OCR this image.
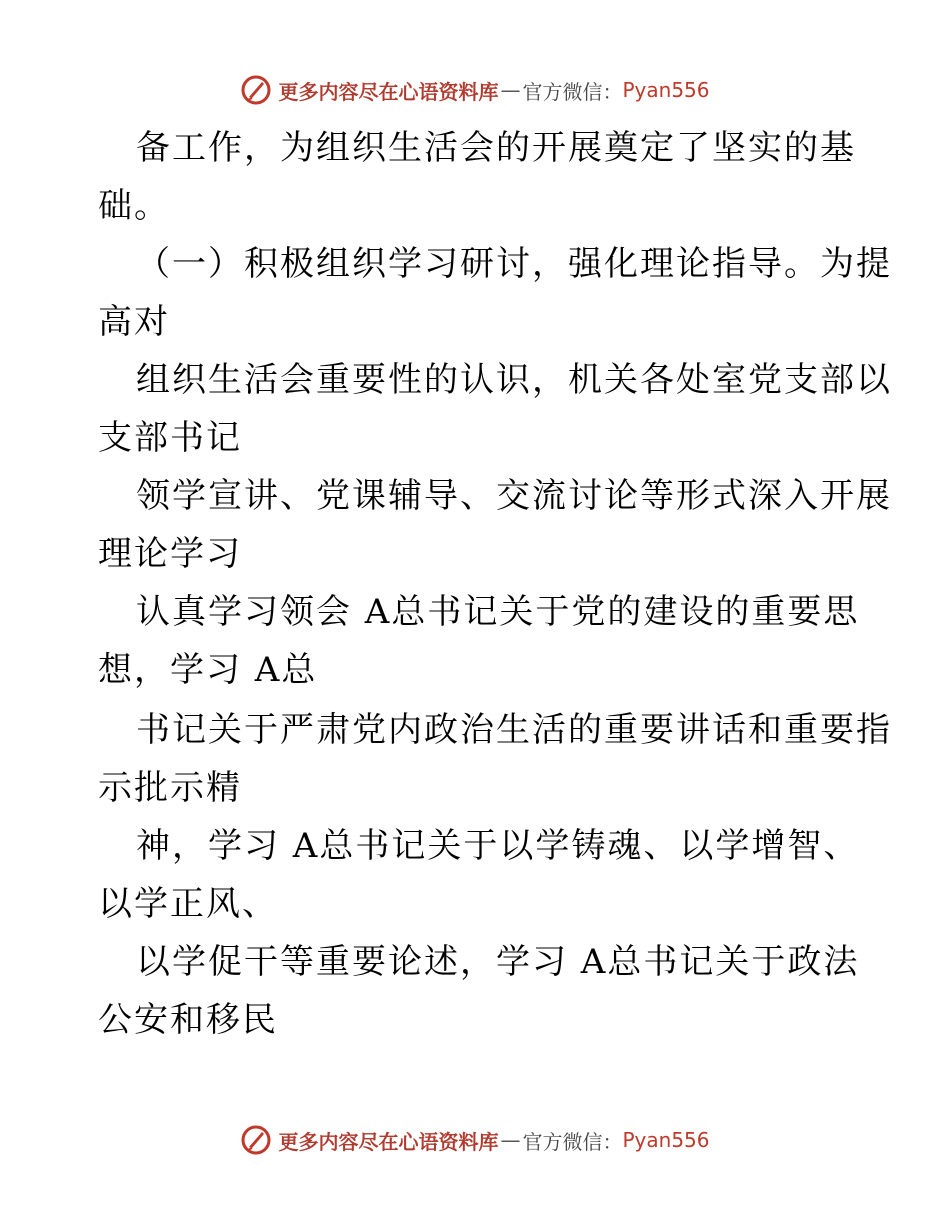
更多内容尽在心语资料库 — 官方微信： Pyan556
备工作，为组织生活会的开展奠定了坚实的基
础。
（一）积极组织学习研讨，强化理论指导。为提
高对
组织生活会重要性的认识，机关各处室党支部以
支部书记
领学宣讲、党课辅导、交流讨论等形式深入开展
理论学习
认真学习领会 A总书记关于党的建设的重要思
想，学习 A总
书记关于严肃党内政治生活的重要讲话和重要指
示批示精
神，学习 A总书记关于以学铸魂、以学增智、
以学正风、
以学促干等重要论述，学习 A总书记关于政法
公安和移民
更多内容尽在心语资料库 — 官方微信： Pyan556
